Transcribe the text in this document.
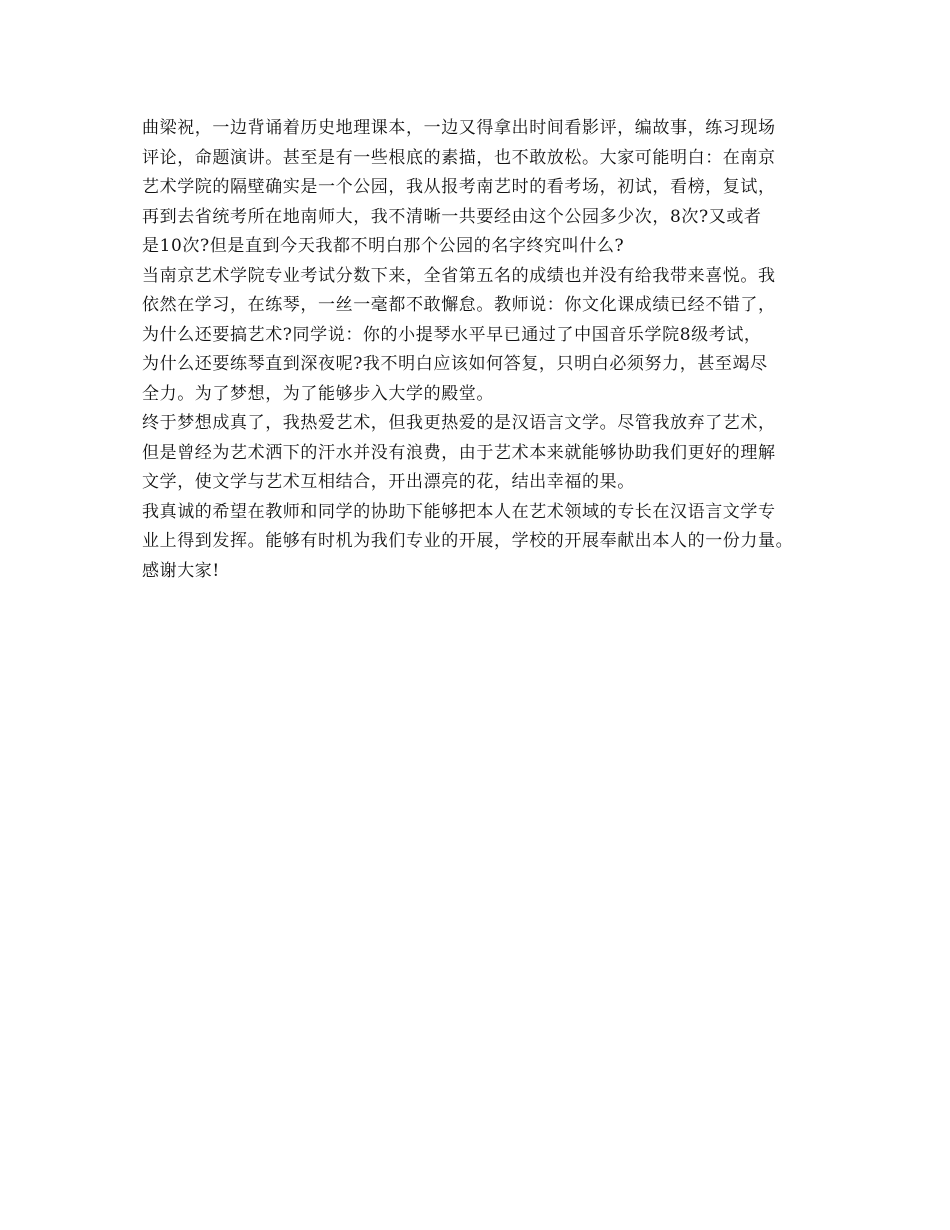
曲梁祝，一边背诵着历史地理课本，一边又得拿出时间看影评，编故事，练习现场
评论，命题演讲。甚至是有一些根底的素描，也不敢放松。大家可能明白：在南京
艺术学院的隔壁确实是一个公园，我从报考南艺时的看考场，初试，看榜，复试，
再到去省统考所在地南师大，我不清晰一共要经由这个公园多少次，8次?又或者
是10次?但是直到今天我都不明白那个公园的名字终究叫什么?
当南京艺术学院专业考试分数下来，全省第五名的成绩也并没有给我带来喜悦。我
依然在学习，在练琴，一丝一毫都不敢懈怠。教师说：你文化课成绩已经不错了，
为什么还要搞艺术?同学说：你的小提琴水平早已通过了中国音乐学院8级考试，
为什么还要练琴直到深夜呢?我不明白应该如何答复，只明白必须努力，甚至竭尽
全力。为了梦想，为了能够步入大学的殿堂。
终于梦想成真了，我热爱艺术，但我更热爱的是汉语言文学。尽管我放弃了艺术，
但是曾经为艺术洒下的汗水并没有浪费，由于艺术本来就能够协助我们更好的理解
文学，使文学与艺术互相结合，开出漂亮的花，结出幸福的果。
我真诚的希望在教师和同学的协助下能够把本人在艺术领域的专长在汉语言文学专
业上得到发挥。能够有时机为我们专业的开展，学校的开展奉献出本人的一份力量。
感谢大家!
